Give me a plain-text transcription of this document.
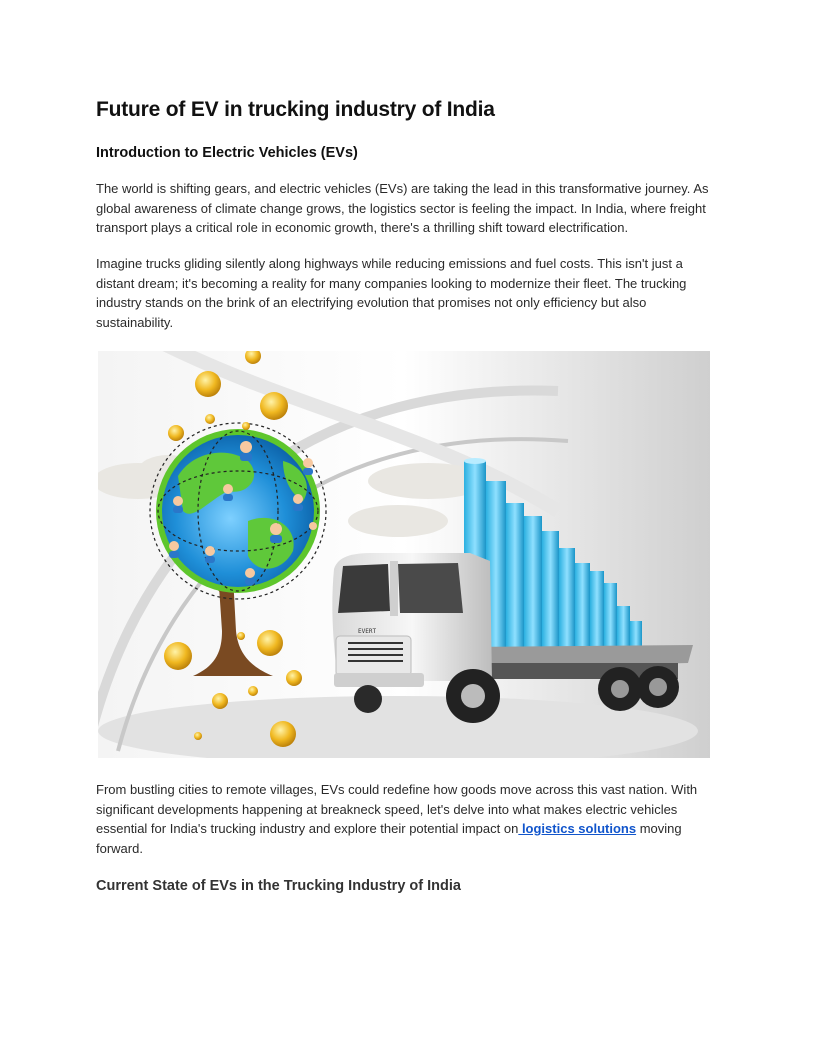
Future of EV in trucking industry of India
Introduction to Electric Vehicles (EVs)

The world is shifting gears, and electric vehicles (EVs) are taking the lead in this transformative journey. As global awareness of climate change grows, the logistics sector is feeling the impact. In India, where freight transport plays a critical role in economic growth, there's a thrilling shift toward electrification.

Imagine trucks gliding silently along highways while reducing emissions and fuel costs. This isn't just a distant dream; it's becoming a reality for many companies looking to modernize their fleet. The trucking industry stands on the brink of an electrifying evolution that promises not only efficiency but also sustainability.

From bustling cities to remote villages, EVs could redefine how goods move across this vast nation. With significant developments happening at breakneck speed, let's delve into what makes electric vehicles essential for India's trucking industry and explore their potential impact on logistics solutions moving forward.

Current State of EVs in the Trucking Industry of India
EVERT
